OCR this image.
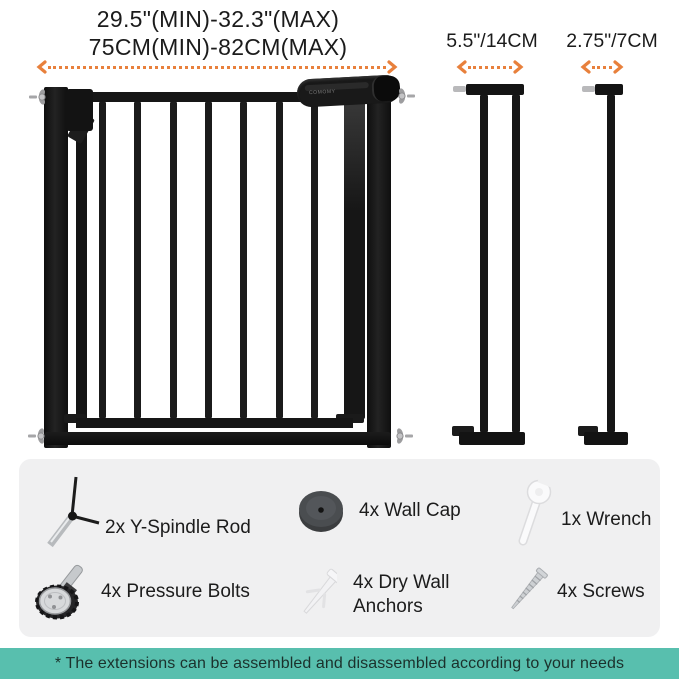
29.5"(MIN)-32.3"(MAX)
75CM(MIN)-82CM(MAX)	5.5"/14CM	2.75"/7CM
COMOMY
2x Y-Spindle Rod
4x Wall Cap	1x Wrench
4x Pressure Bolts	4x Dry Wall Anchors
4x Screws
* The extensions can be assembled and disassembled according to your needs
